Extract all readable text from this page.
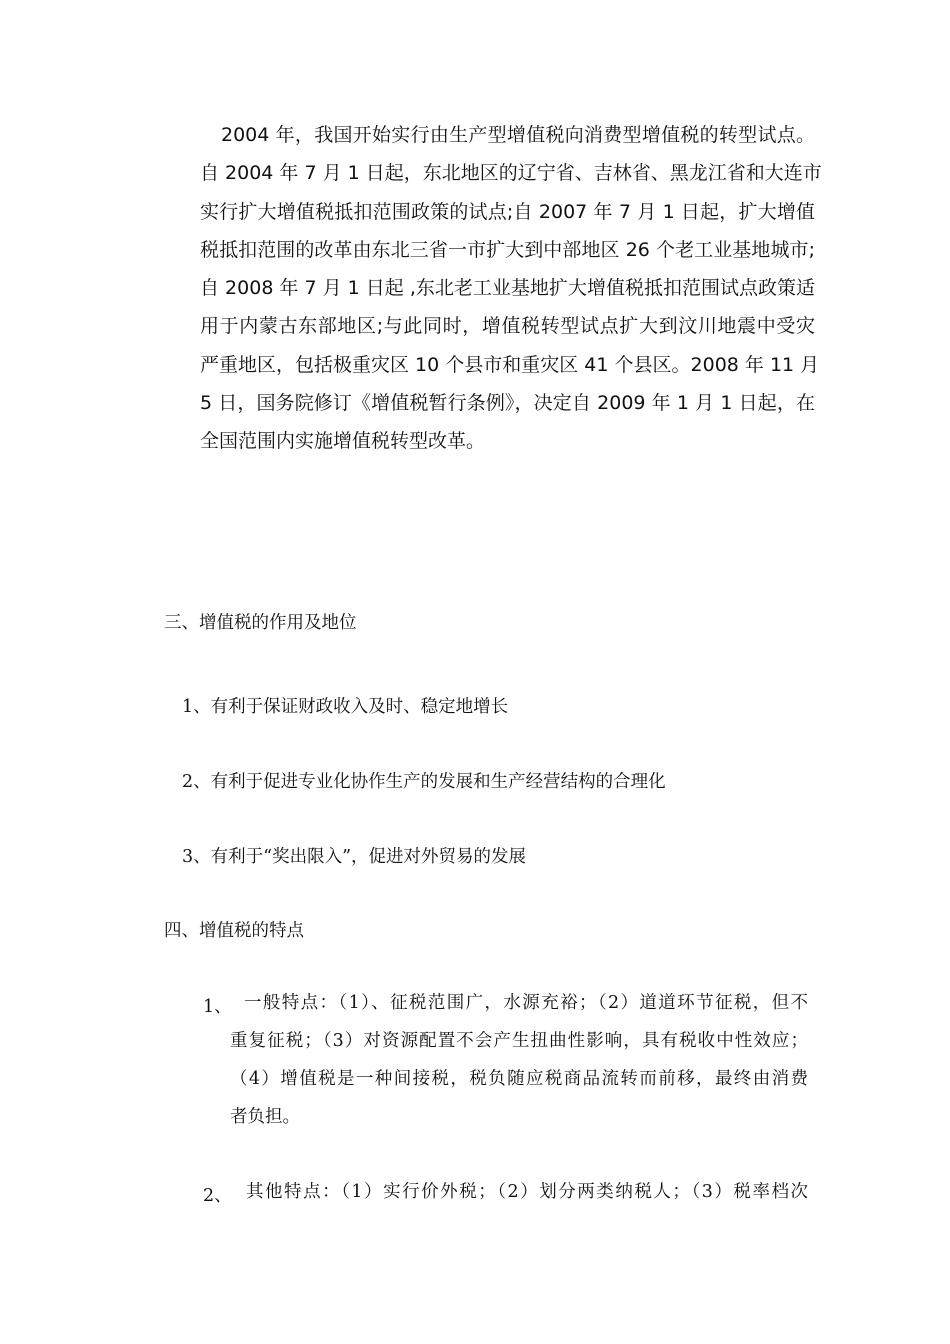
2004 年，我国开始实行由生产型增值税向消费型增值税的转型试点。
自 2004 年 7 月 1 日起，东北地区的辽宁省、吉林省、黑龙江省和大连市
实行扩大增值税抵扣范围政策的试点;自 2007 年 7 月 1 日起，扩大增值
税抵扣范围的改革由东北三省一市扩大到中部地区 26 个老工业基地城市;
自 2008 年 7 月 1 日起 ,东北老工业基地扩大增值税抵扣范围试点政策适
用于内蒙古东部地区;与此同时，增值税转型试点扩大到汶川地震中受灾
严重地区，包括极重灾区 10 个县市和重灾区 41 个县区。2008 年 11 月
5 日，国务院修订《增值税暂行条例》，决定自 2009 年 1 月 1 日起，在
全国范围内实施增值税转型改革。
三、增值税的作用及地位
1、有利于保证财政收入及时、稳定地增长
2、有利于促进专业化协作生产的发展和生产经营结构的合理化
3、有利于“奖出限入”，促进对外贸易的发展
四、增值税的特点
1、 一般特点：（1）、征税范围广，水源充裕；（2）道道环节征税，但不
重复征税；（3）对资源配置不会产生扭曲性影响，具有税收中性效应；
（4）增值税是一种间接税，税负随应税商品流转而前移，最终由消费
者负担。
2、 其他特点：（1）实行价外税；（2）划分两类纳税人；（3）税率档次
